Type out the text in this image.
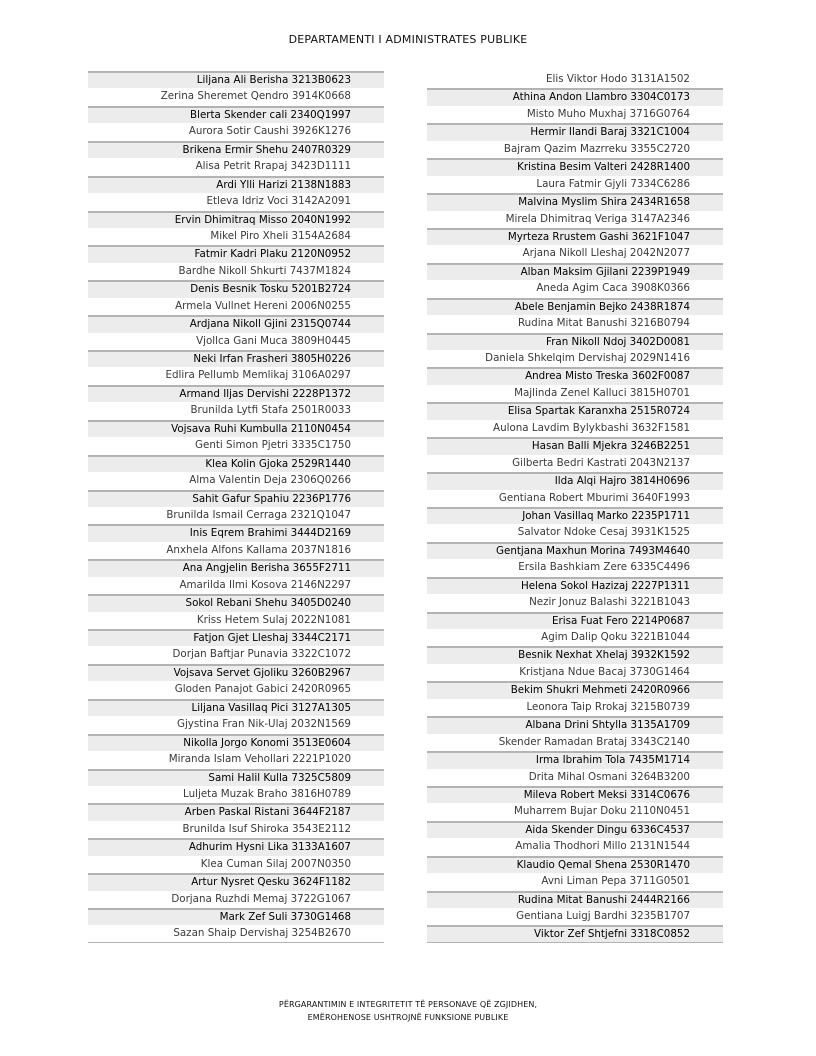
DEPARTAMENTI I ADMINISTRATES PUBLIKE
Liljana Ali Berisha 3213B0623
Zerina Sheremet Qendro 3914K0668
Blerta Skender cali 2340Q1997
Aurora Sotir Caushi 3926K1276
Brikena Ermir Shehu 2407R0329
Alisa Petrit Rrapaj 3423D1111
Ardi Ylli Harizi 2138N1883
Etleva Idriz Voci 3142A2091
Ervin Dhimitraq Misso 2040N1992
Mikel Piro Xheli 3154A2684
Fatmir Kadri Plaku 2120N0952
Bardhe Nikoll Shkurti 7437M1824
Denis Besnik Tosku 5201B2724
Armela Vullnet Hereni 2006N0255
Ardjana Nikoll Gjini 2315Q0744
Vjollca Gani Muca 3809H0445
Neki Irfan Frasheri 3805H0226
Edlira Pellumb Memlikaj 3106A0297
Armand Iljas Dervishi 2228P1372
Brunilda Lytfi Stafa 2501R0033
Vojsava Ruhi Kumbulla 2110N0454
Genti Simon Pjetri 3335C1750
Klea Kolin Gjoka 2529R1440
Alma Valentin Deja 2306Q0266
Sahit Gafur Spahiu 2236P1776
Brunilda Ismail Cerraga 2321Q1047
Inis Eqrem Brahimi 3444D2169
Anxhela Alfons Kallama 2037N1816
Ana Angjelin Berisha 3655F2711
Amarilda Ilmi Kosova 2146N2297
Sokol Rebani Shehu 3405D0240
Kriss Hetem Sulaj 2022N1081
Fatjon Gjet Lleshaj 3344C2171
Dorjan Baftjar Punavia 3322C1072
Vojsava Servet Gjoliku 3260B2967
Gloden Panajot Gabici 2420R0965
Liljana Vasillaq Pici 3127A1305
Gjystina Fran Nik-Ulaj 2032N1569
Nikolla Jorgo Konomi 3513E0604
Miranda Islam Vehollari 2221P1020
Sami Halil Kulla 7325C5809
Luljeta Muzak Braho 3816H0789
Arben Paskal Ristani 3644F2187
Brunilda Isuf Shiroka 3543E2112
Adhurim Hysni Lika 3133A1607
Klea Cuman Silaj 2007N0350
Artur Nysret Qesku 3624F1182
Dorjana Ruzhdi Memaj 3722G1067
Mark Zef Suli 3730G1468
Sazan Shaip Dervishaj 3254B2670
Elis Viktor Hodo 3131A1502
Athina Andon Llambro 3304C0173
Misto Muho Muxhaj 3716G0764
Hermir Ilandi Baraj 3321C1004
Bajram Qazim Mazrreku 3355C2720
Kristina Besim Valteri 2428R1400
Laura Fatmir Gjyli 7334C6286
Malvina Myslim Shira 2434R1658
Mirela Dhimitraq Veriga 3147A2346
Myrteza Rrustem Gashi 3621F1047
Arjana Nikoll Lleshaj 2042N2077
Alban Maksim Gjilani 2239P1949
Aneda Agim Caca 3908K0366
Abele Benjamin Bejko 2438R1874
Rudina Mitat Banushi 3216B0794
Fran Nikoll Ndoj 3402D0081
Daniela Shkelqim Dervishaj 2029N1416
Andrea Misto Treska 3602F0087
Majlinda Zenel Kalluci 3815H0701
Elisa Spartak Karanxha 2515R0724
Aulona Lavdim Bylykbashi 3632F1581
Hasan Balli Mjekra 3246B2251
Gilberta Bedri Kastrati 2043N2137
Ilda Alqi Hajro 3814H0696
Gentiana Robert Mburimi 3640F1993
Johan Vasillaq Marko 2235P1711
Salvator Ndoke Cesaj 3931K1525
Gentjana Maxhun Morina 7493M4640
Ersila Bashkiam Zere 6335C4496
Helena Sokol Hazizaj 2227P1311
Nezir Jonuz Balashi 3221B1043
Erisa Fuat Fero 2214P0687
Agim Dalip Qoku 3221B1044
Besnik Nexhat Xhelaj 3932K1592
Kristjana Ndue Bacaj 3730G1464
Bekim Shukri Mehmeti 2420R0966
Leonora Taip Rrokaj 3215B0739
Albana Drini Shtylla 3135A1709
Skender Ramadan Brataj 3343C2140
Irma Ibrahim Tola 7435M1714
Drita Mihal Osmani 3264B3200
Mileva Robert Meksi 3314C0676
Muharrem Bujar Doku 2110N0451
Aida Skender Dingu 6336C4537
Amalia Thodhori Millo 2131N1544
Klaudio Qemal Shena 2530R1470
Avni Liman Pepa 3711G0501
Rudina Mitat Banushi 2444R2166
Gentiana Luigj Bardhi 3235B1707
Viktor Zef Shtjefni 3318C0852
PËRGARANTIMIN E INTEGRITETIT TË PERSONAVE QË ZGJIDHEN,
EMËROHENOSE USHTROJNË FUNKSIONE PUBLIKE
